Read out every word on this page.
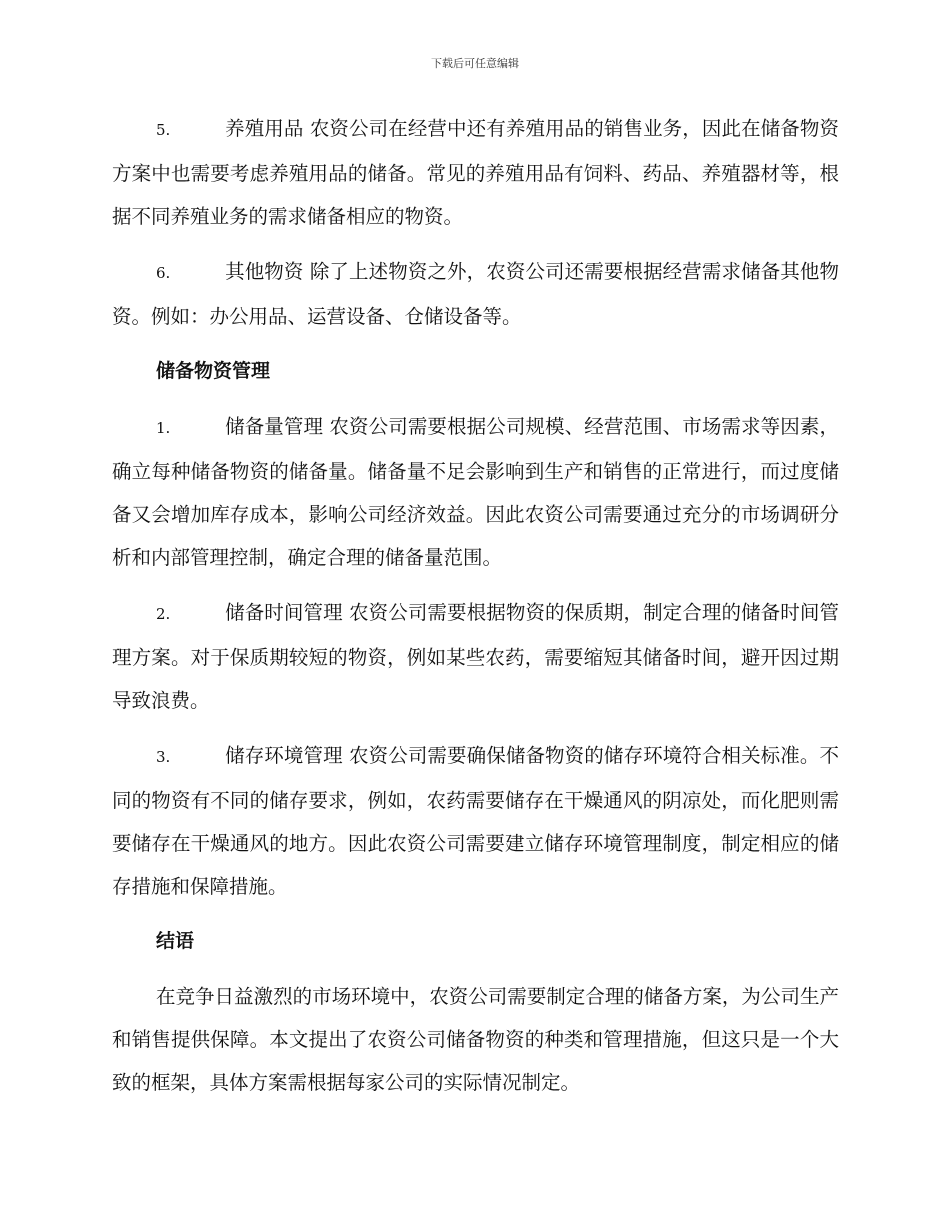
下载后可任意编辑

5.	养殖用品 农资公司在经营中还有养殖用品的销售业务，因此在储备物资方案中也需要考虑养殖用品的储备。常见的养殖用品有饲料、药品、养殖器材等，根据不同养殖业务的需求储备相应的物资。

6.	其他物资 除了上述物资之外，农资公司还需要根据经营需求储备其他物资。例如：办公用品、运营设备、仓储设备等。

储备物资管理

1.	储备量管理 农资公司需要根据公司规模、经营范围、市场需求等因素，确立每种储备物资的储备量。储备量不足会影响到生产和销售的正常进行，而过度储备又会增加库存成本，影响公司经济效益。因此农资公司需要通过充分的市场调研分析和内部管理控制，确定合理的储备量范围。

2.	储备时间管理 农资公司需要根据物资的保质期，制定合理的储备时间管理方案。对于保质期较短的物资，例如某些农药，需要缩短其储备时间，避开因过期导致浪费。

3.	储存环境管理 农资公司需要确保储备物资的储存环境符合相关标准。不同的物资有不同的储存要求，例如，农药需要储存在干燥通风的阴凉处，而化肥则需要储存在干燥通风的地方。因此农资公司需要建立储存环境管理制度，制定相应的储存措施和保障措施。

结语

在竞争日益激烈的市场环境中，农资公司需要制定合理的储备方案，为公司生产和销售提供保障。本文提出了农资公司储备物资的种类和管理措施，但这只是一个大致的框架，具体方案需根据每家公司的实际情况制定。
